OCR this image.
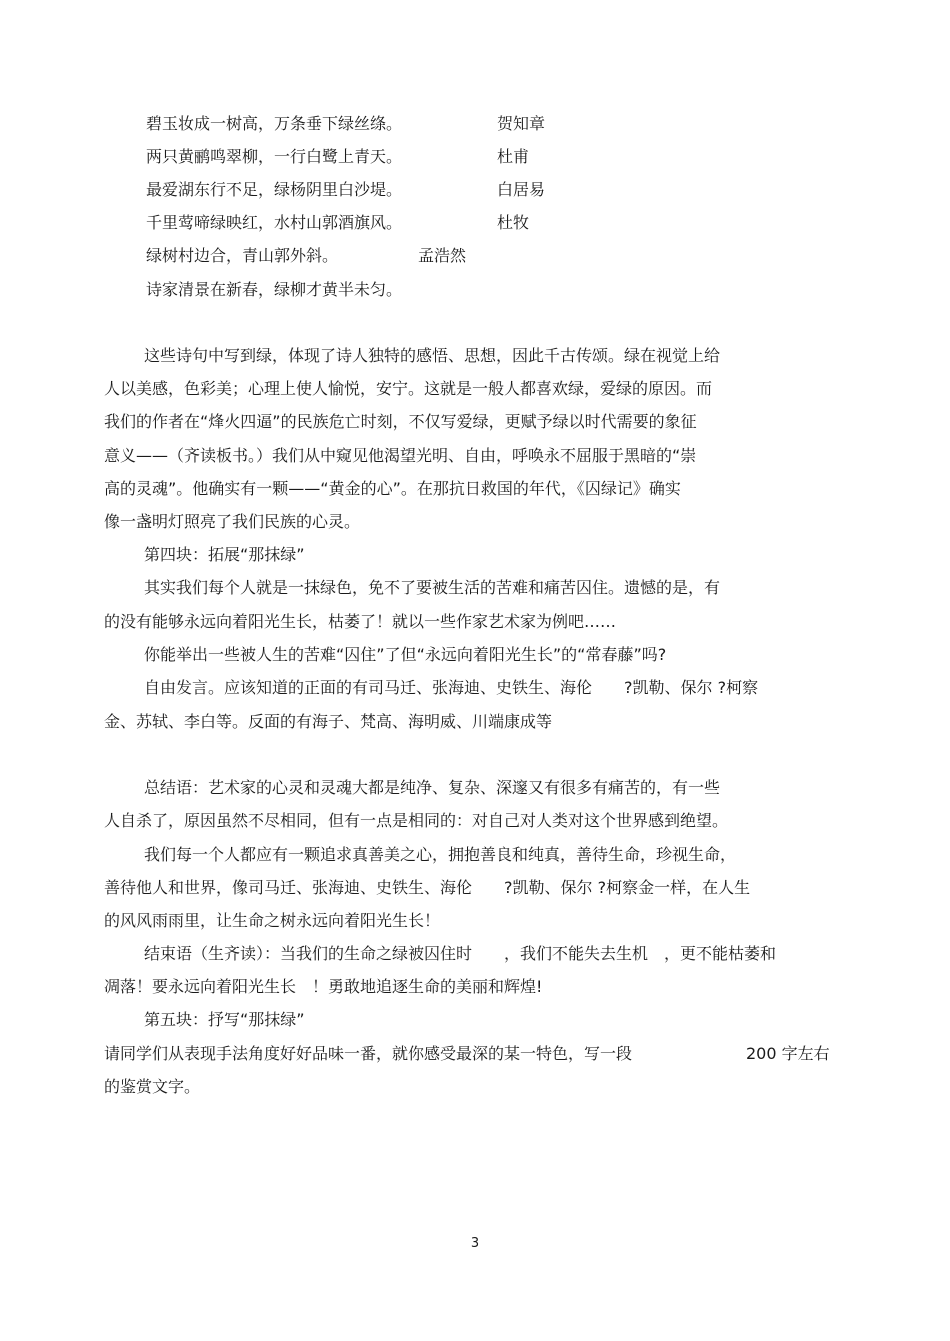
碧玉妆成一树高，万条垂下绿丝绦。	贺知章
两只黄鹂鸣翠柳，一行白鹭上青天。	杜甫
最爱湖东行不足，绿杨阴里白沙堤。	白居易
千里莺啼绿映红，水村山郭酒旗风。	杜牧
绿树村边合，青山郭外斜。	孟浩然
诗家清景在新春，绿柳才黄半未匀。
这些诗句中写到绿，体现了诗人独特的感悟、思想，因此千古传颂。绿在视觉上给
人以美感，色彩美；心理上使人愉悦，安宁。这就是一般人都喜欢绿，爱绿的原因。而
我们的作者在“烽火四逼”的民族危亡时刻，不仅写爱绿，更赋予绿以时代需要的象征
意义——（齐读板书。）我们从中窥见他渴望光明、自由，呼唤永不屈服于黑暗的“崇
高的灵魂”。他确实有一颗——“黄金的心”。在那抗日救国的年代，《囚绿记》确实
像一盏明灯照亮了我们民族的心灵。
第四块：拓展“那抹绿”
其实我们每个人就是一抹绿色，免不了要被生活的苦难和痛苦囚住。遗憾的是，有
的没有能够永远向着阳光生长，枯萎了！就以一些作家艺术家为例吧……
你能举出一些被人生的苦难“囚住”了但“永远向着阳光生长”的“常春藤”吗?
自由发言。应该知道的正面的有司马迁、张海迪、史铁生、海伦　　?凯勒、保尔 ?柯察
金、苏轼、李白等。反面的有海子、梵高、海明威、川端康成等
总结语：艺术家的心灵和灵魂大都是纯净、复杂、深邃又有很多有痛苦的，有一些
人自杀了，原因虽然不尽相同，但有一点是相同的：对自己对人类对这个世界感到绝望。
我们每一个人都应有一颗追求真善美之心，拥抱善良和纯真，善待生命，珍视生命，
善待他人和世界，像司马迁、张海迪、史铁生、海伦　　?凯勒、保尔 ?柯察金一样，在人生
的风风雨雨里，让生命之树永远向着阳光生长！
结束语（生齐读）：当我们的生命之绿被囚住时　　，我们不能失去生机　，更不能枯萎和
凋落！要永远向着阳光生长　！勇敢地追逐生命的美丽和辉煌!
第五块：抒写“那抹绿”
请同学们从表现手法角度好好品味一番，就你感受最深的某一特色，写一段	200 字左右
的鉴赏文字。
3
